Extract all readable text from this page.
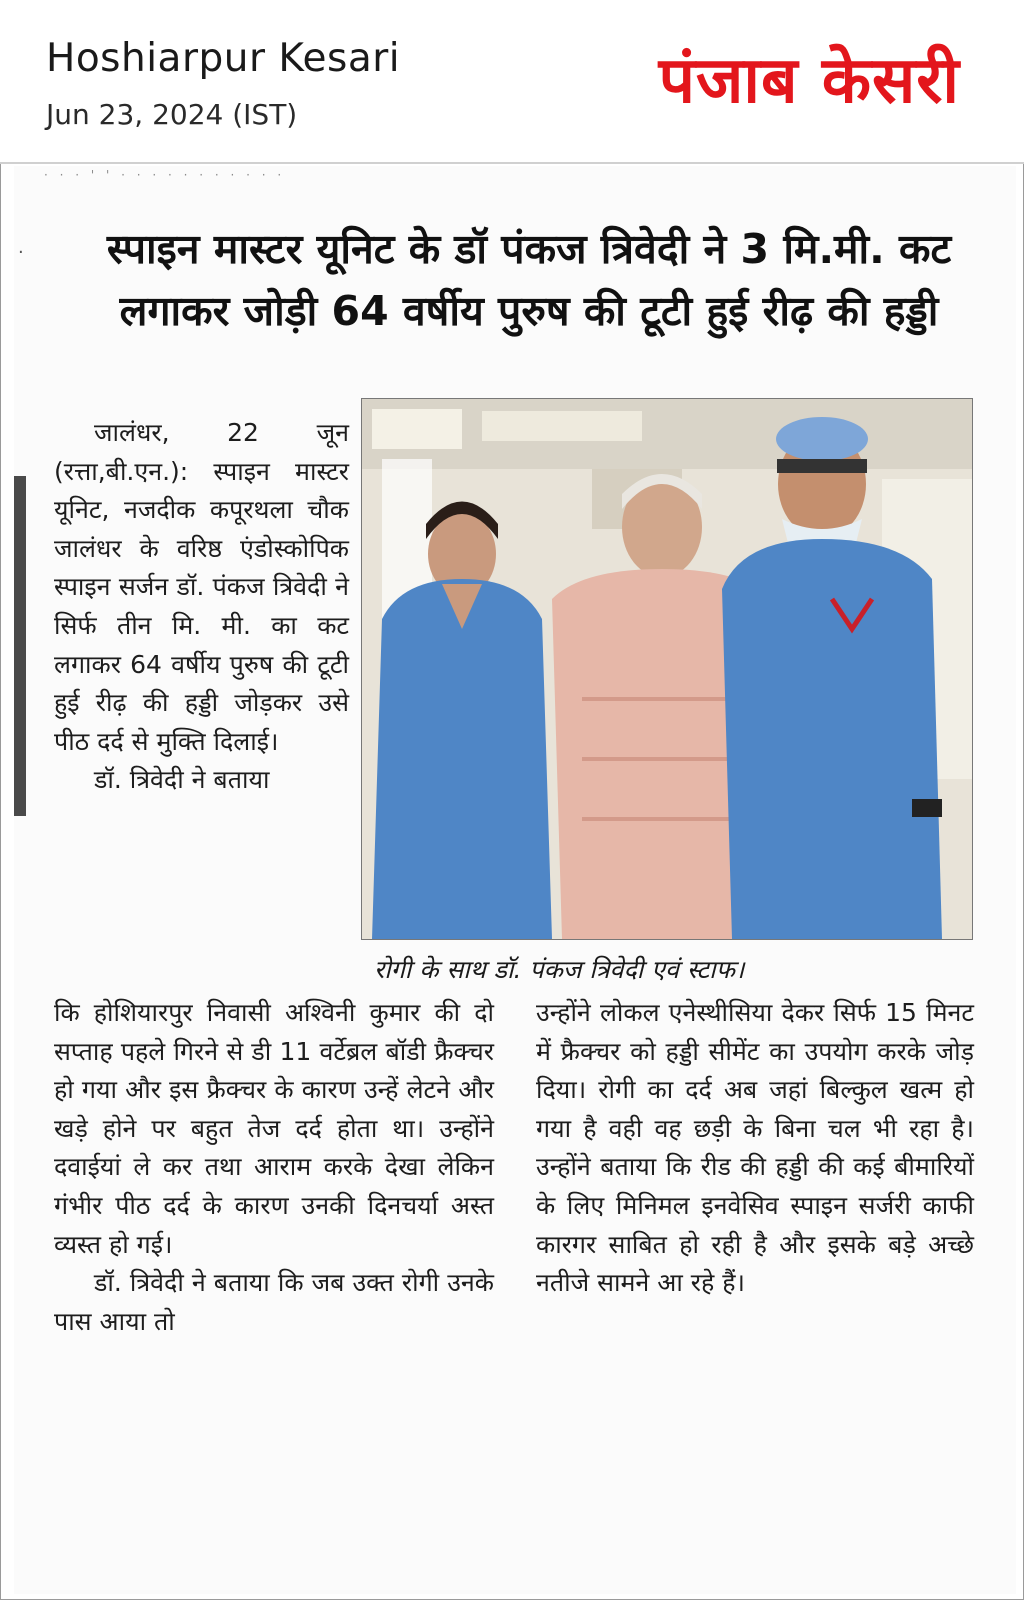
Hoshiarpur Kesari
Jun 23, 2024 (IST)	पंजाब केसरी
· · · ' ' · · · · · · · · · · ·
·	स्पाइन मास्टर यूनिट के डॉ पंकज त्रिवेदी ने 3 मि.मी. कट लगाकर जोड़ी 64 वर्षीय पुरुष की टूटी हुई रीढ़ की हड्डी
रोगी के साथ डॉ. पंकज त्रिवेदी एवं स्टाफ।

जालंधर, 22 जून (रत्ता,बी.एन.): स्पाइन मास्टर यूनिट, नजदीक कपूरथला चौक जालंधर के वरिष्ठ एंडोस्कोपिक स्पाइन सर्जन डॉ. पंकज त्रिवेदी ने सिर्फ तीन मि. मी. का कट लगाकर 64 वर्षीय पुरुष की टूटी हुई रीढ़ की हड्डी जोड़कर उसे पीठ दर्द से मुक्ति दिलाई।

डॉ. त्रिवेदी ने बताया

कि होशियारपुर निवासी अश्विनी कुमार की दो सप्ताह पहले गिरने से डी 11 वर्टेब्रल बॉडी फ्रैक्चर हो गया और इस फ्रैक्चर के कारण उन्हें लेटने और खड़े होने पर बहुत तेज दर्द होता था। उन्होंने दवाईयां ले कर तथा आराम करके देखा लेकिन गंभीर पीठ दर्द के कारण उनकी दिनचर्या अस्त व्यस्त हो गई।

डॉ. त्रिवेदी ने बताया कि जब उक्त रोगी उनके पास आया तो

उन्होंने लोकल एनेस्थीसिया देकर सिर्फ 15 मिनट में फ्रैक्चर को हड्डी सीमेंट का उपयोग करके जोड़ दिया। रोगी का दर्द अब जहां बिल्कुल खत्म हो गया है वही वह छड़ी के बिना चल भी रहा है। उन्होंने बताया कि रीड की हड्डी की कई बीमारियों के लिए मिनिमल इनवेसिव स्पाइन सर्जरी काफी कारगर साबित हो रही है और इसके बड़े अच्छे नतीजे सामने आ रहे हैं।
